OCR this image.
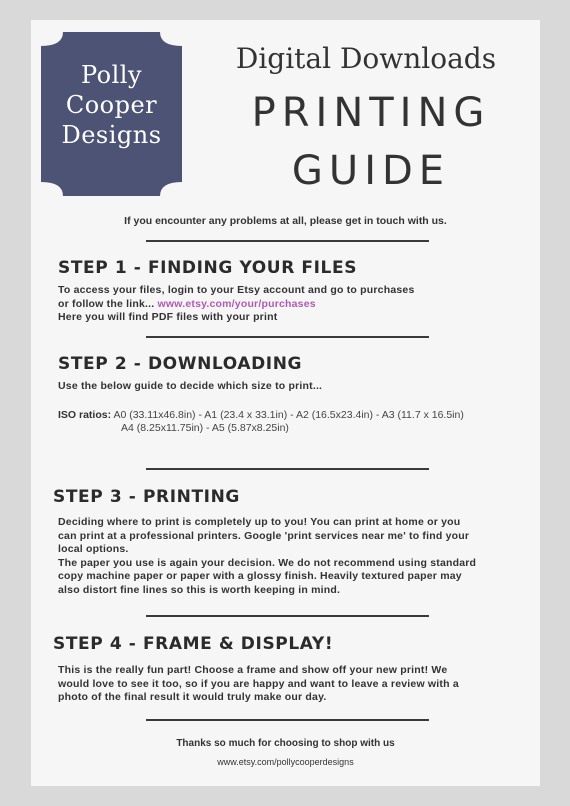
Polly
Cooper
Designs
Digital Downloads
PRINTING
GUIDE
If you encounter any problems at all, please get in touch with us.
STEP 1 - FINDING YOUR FILES
To access your files, login to your Etsy account and go to purchases
or follow the link... www.etsy.com/your/purchases
Here you will find PDF files with your print
STEP 2 - DOWNLOADING
Use the below guide to decide which size to print...
ISO ratios: A0 (33.11x46.8in) - A1 (23.4 x 33.1in) - A2 (16.5x23.4in) - A3 (11.7 x 16.5in)
A4 (8.25x11.75in) - A5 (5.87x8.25in)
STEP 3 - PRINTING
Deciding where to print is completely up to you! You can print at home or you
can print at a professional printers. Google 'print services near me' to find your
local options.
The paper you use is again your decision. We do not recommend using standard
copy machine paper or paper with a glossy finish. Heavily textured paper may
also distort fine lines so this is worth keeping in mind.
STEP 4 - FRAME & DISPLAY!
This is the really fun part! Choose a frame and show off your new print! We
would love to see it too, so if you are happy and want to leave a review with a
photo of the final result it would truly make our day.
Thanks so much for choosing to shop with us
www.etsy.com/pollycooperdesigns
